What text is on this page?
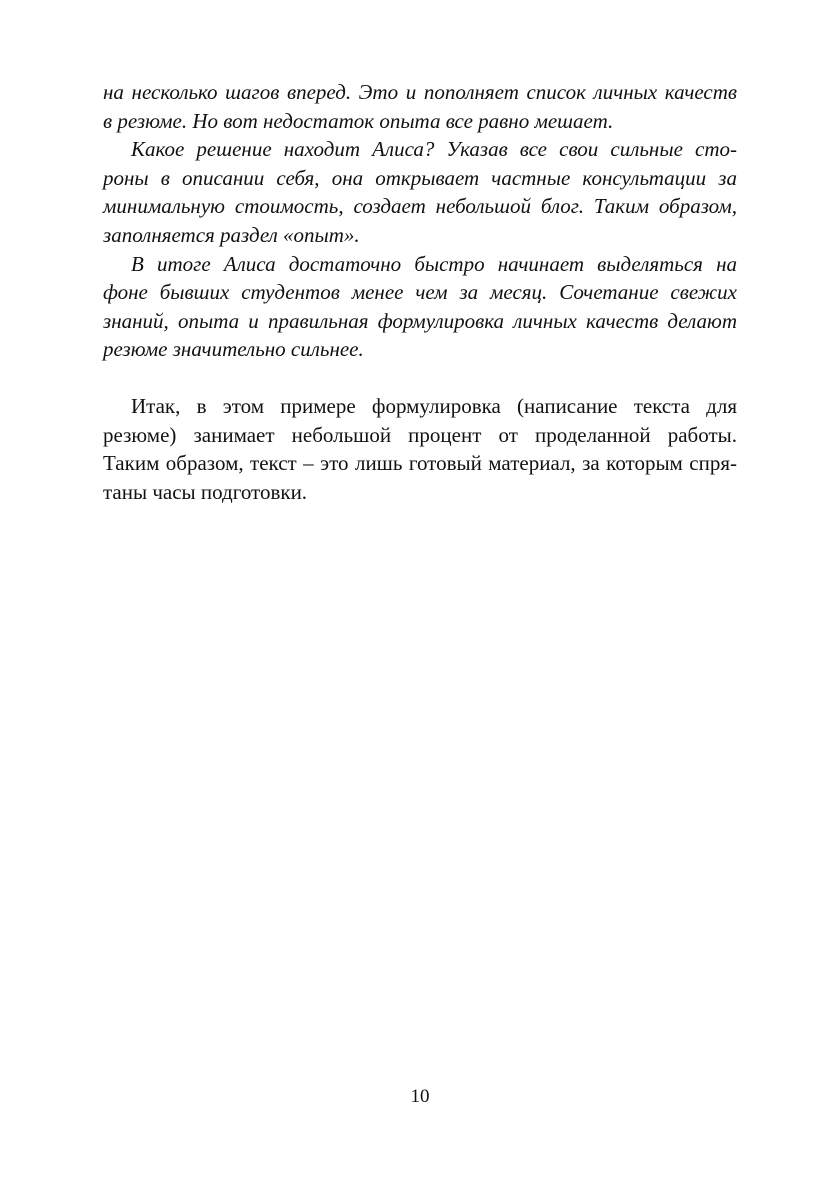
на несколько шагов вперед. Это и пополняет список личных качеств
в резюме. Но вот недостаток опыта все равно мешает.
Какое решение находит Алиса? Указав все свои сильные сто-
роны в описании себя, она открывает частные консультации за
минимальную стоимость, создает небольшой блог. Таким образом,
заполняется раздел «опыт».
В итоге Алиса достаточно быстро начинает выделяться на
фоне бывших студентов менее чем за месяц. Сочетание свежих
знаний, опыта и правильная формулировка личных качеств делают
резюме значительно сильнее.
Итак, в этом примере формулировка (написание текста для
резюме) занимает небольшой процент от проделанной работы.
Таким образом, текст – это лишь готовый материал, за которым спря-
таны часы подготовки.
10
